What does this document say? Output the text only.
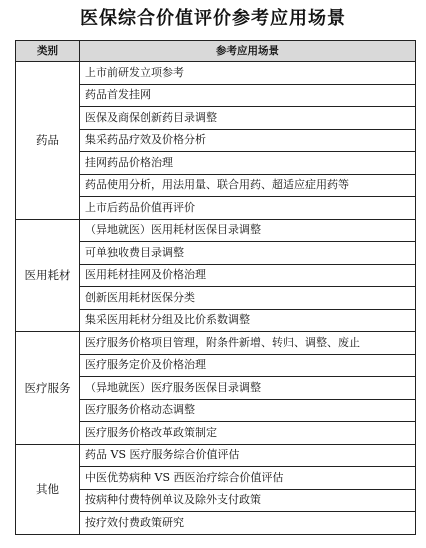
医保综合价值评价参考应用场景
类别	参考应用场景
药品	上市前研发立项参考
	药品首发挂网
	医保及商保创新药目录调整
	集采药品疗效及价格分析
	挂网药品价格治理
	药品使用分析，用法用量、联合用药、超适应症用药等
	上市后药品价值再评价
医用耗材	（异地就医）医用耗材医保目录调整
	可单独收费目录调整
	医用耗材挂网及价格治理
	创新医用耗材医保分类
	集采医用耗材分组及比价系数调整
医疗服务	医疗服务价格项目管理，附条件新增、转归、调整、废止
	医疗服务定价及价格治理
	（异地就医）医疗服务医保目录调整
	医疗服务价格动态调整
	医疗服务价格改革政策制定
其他	药品 VS 医疗服务综合价值评估
	中医优势病种 VS 西医治疗综合价值评估
	按病种付费特例单议及除外支付政策
	按疗效付费政策研究
